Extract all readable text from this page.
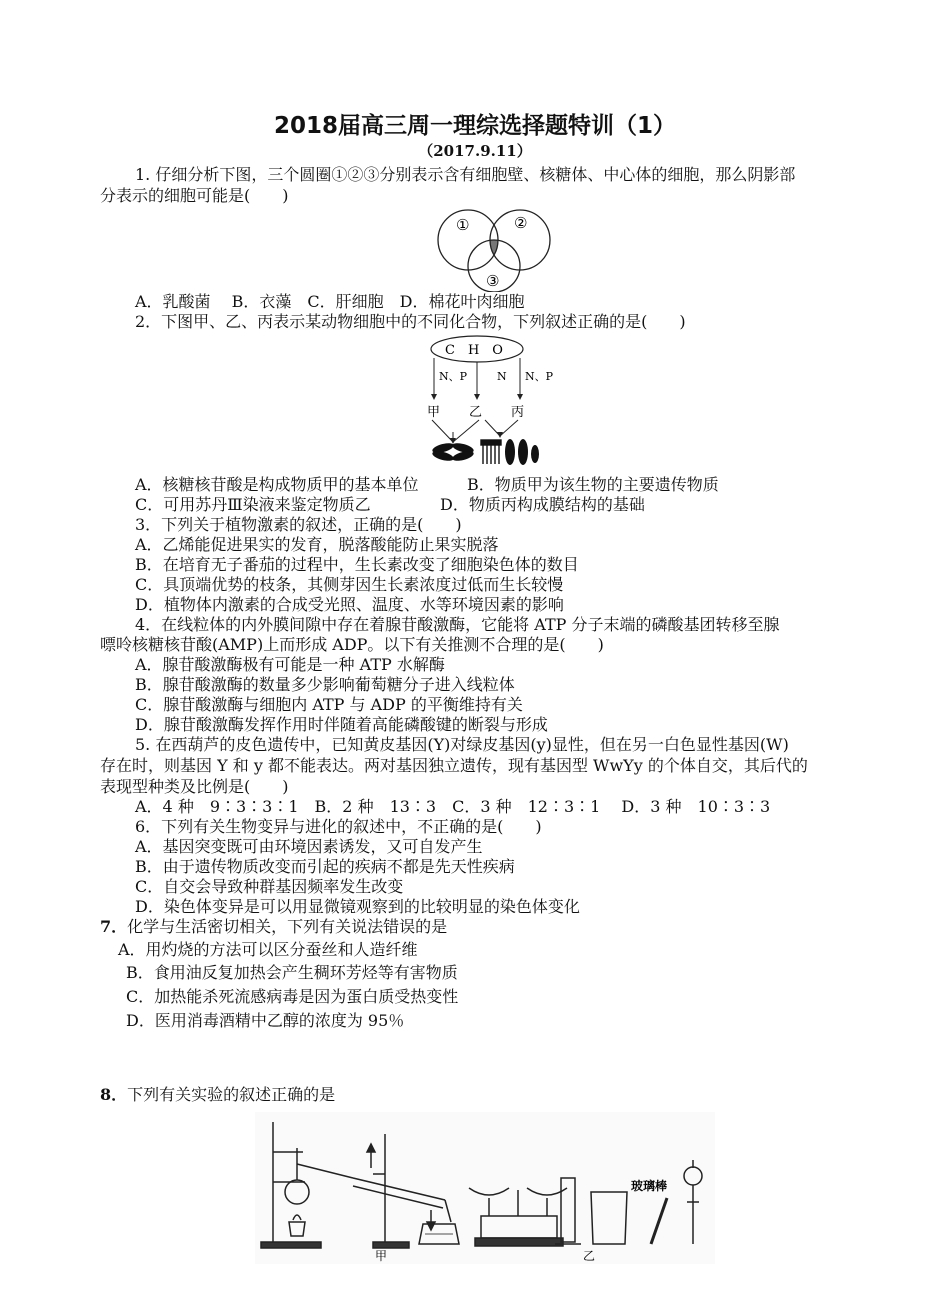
2018届高三周一理综选择题特训（1）
（2017.9.11）
1. 仔细分析下图，三个圆圈①②③分别表示含有细胞壁、核糖体、中心体的细胞，那么阴影部
分表示的细胞可能是(　　)
①	②
③
A．乳酸菌　 B．衣藻　C．肝细胞　D．棉花叶肉细胞
2．下图甲、乙、丙表示某动物细胞中的不同化合物，下列叙述正确的是(　　)
C　H　O
N、P	N N、P
甲 乙 丙
A．核糖核苷酸是构成物质甲的基本单位	B．物质甲为该生物的主要遗传物质
C．可用苏丹Ⅲ染液来鉴定物质乙	D．物质丙构成膜结构的基础
3．下列关于植物激素的叙述，正确的是(　　)
A．乙烯能促进果实的发育，脱落酸能防止果实脱落
B．在培育无子番茄的过程中，生长素改变了细胞染色体的数目
C．具顶端优势的枝条，其侧芽因生长素浓度过低而生长较慢
D．植物体内激素的合成受光照、温度、水等环境因素的影响
4．在线粒体的内外膜间隙中存在着腺苷酸激酶，它能将 ATP 分子末端的磷酸基团转移至腺
嘌呤核糖核苷酸(AMP)上而形成 ADP。以下有关推测不合理的是(　　)
A．腺苷酸激酶极有可能是一种 ATP 水解酶
B．腺苷酸激酶的数量多少影响葡萄糖分子进入线粒体
C．腺苷酸激酶与细胞内 ATP 与 ADP 的平衡维持有关
D．腺苷酸激酶发挥作用时伴随着高能磷酸键的断裂与形成
5. 在西葫芦的皮色遗传中，已知黄皮基因(Y)对绿皮基因(y)显性，但在另一白色显性基因(W)
存在时，则基因 Y 和 y 都不能表达。两对基因独立遗传，现有基因型 WwYy 的个体自交，其后代的
表现型种类及比例是(　　)
A．4 种　9∶3∶3∶1　B．2 种　13∶3　C．3 种　12∶3∶1　 D．3 种　10∶3∶3
6．下列有关生物变异与进化的叙述中，不正确的是(　　)
A．基因突变既可由环境因素诱发，又可自发产生
B．由于遗传物质改变而引起的疾病不都是先天性疾病
C．自交会导致种群基因频率发生改变
D．染色体变异是可以用显微镜观察到的比较明显的染色体变化
7．化学与生活密切相关，下列有关说法错误的是
A．用灼烧的方法可以区分蚕丝和人造纤维
B．食用油反复加热会产生稠环芳烃等有害物质
C．加热能杀死流感病毒是因为蛋白质受热变性
D．医用消毒酒精中乙醇的浓度为 95％
8．下列有关实验的叙述正确的是
甲	乙
玻璃棒
